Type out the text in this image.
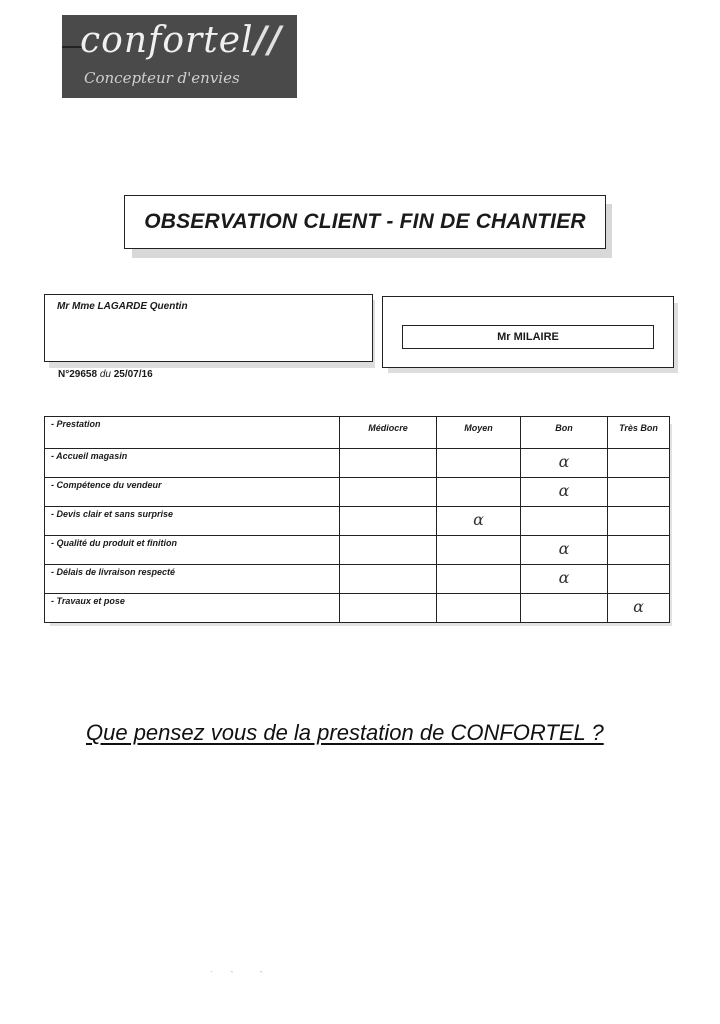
confortel//
Concepteur d'envies
OBSERVATION CLIENT - FIN DE CHANTIER
Mr Mme LAGARDE Quentin
Mr MILAIRE
N°29658 du 25/07/16
- Prestation	Médiocre	Moyen	Bon	Très Bon
- Accueil magasin			α	

- Compétence du vendeur			α	

- Devis clair et sans surprise		α		

- Qualité du produit et finition			α	

- Délais de livraison respecté			α	

- Travaux et pose				α
Que pensez vous de la prestation de CONFORTEL ?
·        -            -
